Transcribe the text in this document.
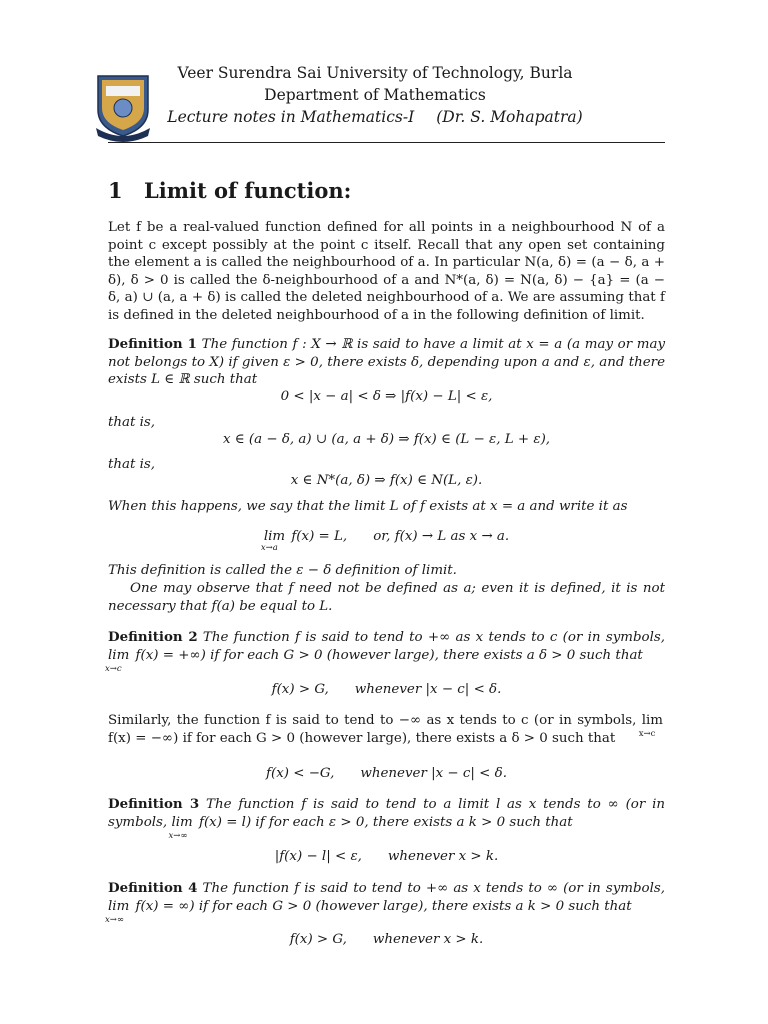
Veer Surendra Sai University of Technology, Burla
Department of Mathematics
Lecture notes in Mathematics-I (Dr. S. Mohapatra)
1 Limit of function:
Let f be a real-valued function defined for all points in a neighbourhood N of a point c except possibly at the point c itself. Recall that any open set containing the element a is called the neighbourhood of a. In particular N(a, δ) = (a − δ, a + δ), δ > 0 is called the δ-neighbourhood of a and N*(a, δ) = N(a, δ) − {a} = (a − δ, a) ∪ (a, a + δ) is called the deleted neighbourhood of a. We are assuming that f is defined in the deleted neighbourhood of a in the following definition of limit.
Definition 1 The function f : X → ℝ is said to have a limit at x = a (a may or may not belongs to X) if given ε > 0, there exists δ, depending upon a and ε, and there exists L ∈ ℝ such that
0 < |x − a| < δ ⇒ |f(x) − L| < ε,
that is,
x ∈ (a − δ, a) ∪ (a, a + δ) ⇒ f(x) ∈ (L − ε, L + ε),
that is,
x ∈ N*(a, δ) ⇒ f(x) ∈ N(L, ε).
When this happens, we say that the limit L of f exists at x = a and write it as
lim
x→a
f(x) = L, or, f(x) → L as x → a.
This definition is called the ε − δ definition of limit.
One may observe that f need not be defined as a; even it is defined, it is not necessary that f(a) be equal to L.
Definition 2 The function f is said to tend to +∞ as x tends to c (or in symbols, lim
x→c
f(x) = +∞) if for each G > 0 (however large), there exists a δ > 0 such that
f(x) > G, whenever |x − c| < δ.
Similarly, the function f is said to tend to −∞ as x tends to c (or in symbols, lim
x→c
f(x) = −∞) if for each G > 0 (however large), there exists a δ > 0 such that
f(x) < −G, whenever |x − c| < δ.
Definition 3 The function f is said to tend to a limit l as x tends to ∞ (or in symbols, lim
x→∞
f(x) = l) if for each ε > 0, there exists a k > 0 such that
|f(x) − l| < ε, whenever x > k.
Definition 4 The function f is said to tend to +∞ as x tends to ∞ (or in symbols, lim
x→∞
f(x) = ∞) if for each G > 0 (however large), there exists a k > 0 such that
f(x) > G, whenever x > k.
